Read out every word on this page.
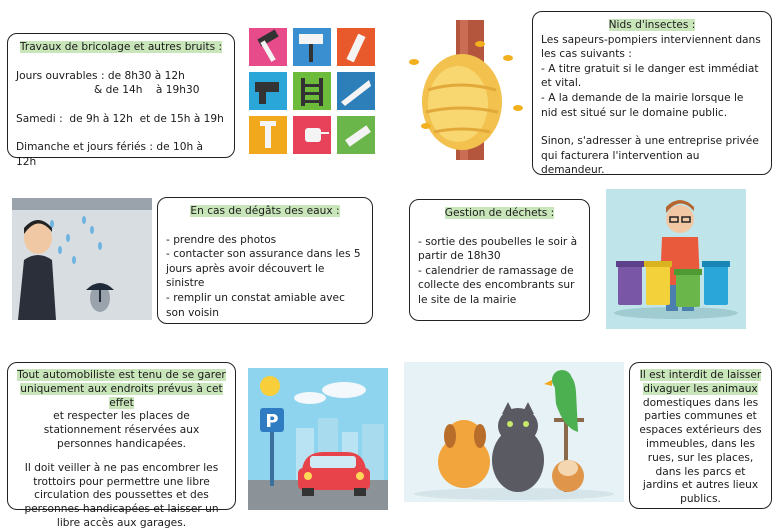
Travaux de bricolage et autres bruits :

Jours ouvrables : de 8h30 à 12h

& de 14h    à 19h30

Samedi :  de 9h à 12h  et de 15h à 19h

Dimanche et jours fériés : de 10h à 12h

Nids d'insectes :

Les sapeurs-pompiers interviennent dans les cas suivants :

- A titre gratuit si le danger est immédiat et vital.

- A la demande de la mairie lorsque le nid est situé sur le domaine public.

Sinon, s'adresser à une entreprise privée qui facturera l'intervention au demandeur.

En cas de dégâts des eaux :

- prendre des photos

- contacter son assurance dans les 5 jours après avoir découvert le sinistre

- remplir un constat amiable avec son voisin

Gestion de déchets :

- sortie des poubelles le soir à partir de 18h30

- calendrier de ramassage de collecte des encombrants sur le site de la mairie

Tout automobiliste est tenu de se garer uniquement aux endroits prévus à cet effet

et respecter les places de stationnement réservées aux personnes handicapées.

Il doit veiller à ne pas encombrer les trottoirs pour permettre une libre circulation des poussettes et des personnes handicapées et laisser un libre accès aux garages.

P
Il est interdit de laisser divaguer les animaux

domestiques dans les parties communes et espaces extérieurs des immeubles, dans les rues, sur les places, dans les parcs et jardins et autres lieux publics.
